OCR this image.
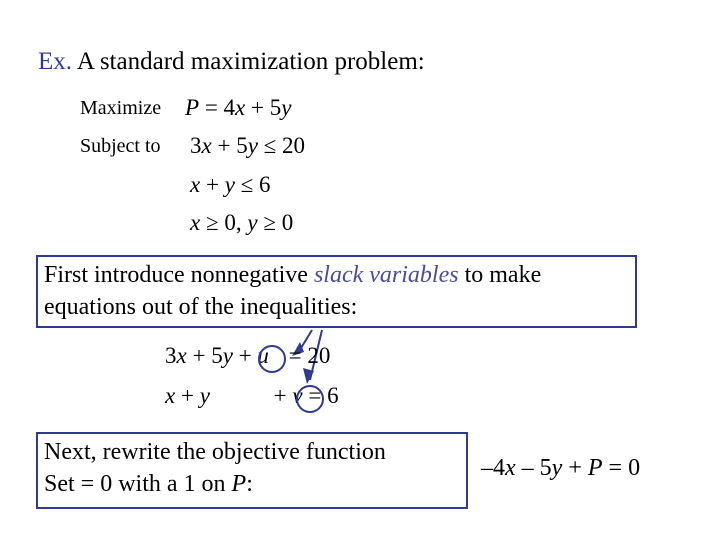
Ex. A standard maximization problem:
Maximize P = 4x + 5y
Subject to 3x + 5y ≤ 20
x + y ≤ 6
x ≥ 0, y ≥ 0
First introduce nonnegative slack variables to make
equations out of the inequalities:
3x + 5y + u = 20
x + y	+ v = 6
Next, rewrite the objective function
Set = 0 with a 1 on P:
–4x – 5y + P = 0
